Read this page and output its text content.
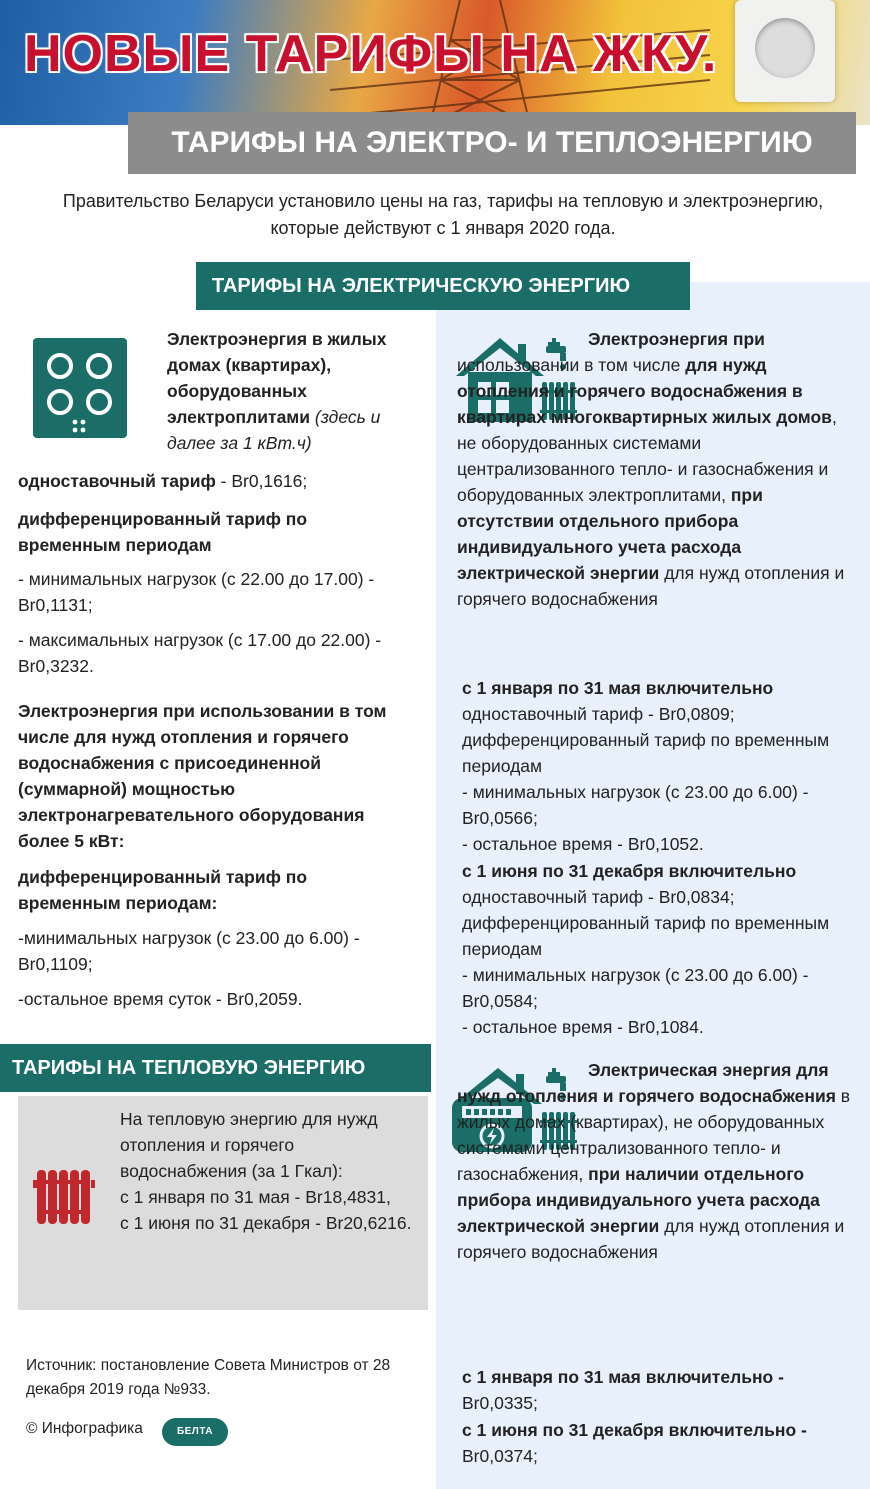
НОВЫЕ ТАРИФЫ НА ЖКУ.
ТАРИФЫ НА ЭЛЕКТРО- И ТЕПЛОЭНЕРГИЮ
Правительство Беларуси установило цены на газ, тарифы на тепловую и электроэнергию, которые действуют с 1 января 2020 года.
ТАРИФЫ НА ЭЛЕКТРИЧЕСКУЮ ЭНЕРГИЮ
Электроэнергия в жилых домах (квартирах), оборудованных электроплитами (здесь и далее за 1 кВт.ч)
одноставочный тариф - Br0,1616;
дифференцированный тариф по временным периодам
- минимальных нагрузок (с 22.00 до 17.00) - Br0,1131;
- максимальных нагрузок (с 17.00 до 22.00) - Br0,3232.
Электроэнергия при использовании в том числе для нужд отопления и горячего водоснабжения с присоединенной (суммарной) мощностью электронагревательного оборудования более 5 кВт:
дифференцированный тариф по временным периодам:
-минимальных нагрузок (с 23.00 до 6.00) - Br0,1109;
-остальное время суток - Br0,2059.
ТАРИФЫ НА ТЕПЛОВУЮ ЭНЕРГИЮ
На тепловую энергию для нужд отопления и горячего водоснабжения (за 1 Гкал):
с 1 января по 31 мая - Br18,4831,
с 1 июня по 31 декабря - Br20,6216.
Источник: постановление Совета Министров от 28 декабря 2019 года №933.
© Инфографика	БЕЛТА
Электроэнергия при использовании в том числе для нужд отопления и горячего водоснабжения в квартирах многоквартирных жилых домов, не оборудованных системами централизованного тепло- и газоснабжения и оборудованных электроплитами, при отсутствии отдельного прибора индивидуального учета расхода электрической энергии для нужд отопления и горячего водоснабжения
с 1 января по 31 мая включительно
одноставочный тариф - Br0,0809;
дифференцированный тариф по временным периодам
- минимальных нагрузок (с 23.00 до 6.00) - Br0,0566;
- остальное время - Br0,1052.
с 1 июня по 31 декабря включительно
одноставочный тариф - Br0,0834;
дифференцированный тариф по временным периодам
- минимальных нагрузок (с 23.00 до 6.00) - Br0,0584;
- остальное время - Br0,1084.
Электрическая энергия для нужд отопления и горячего водоснабжения в жилых домах (квартирах), не оборудованных системами централизованного тепло- и газоснабжения, при наличии отдельного прибора индивидуального учета расхода электрической энергии для нужд отопления и горячего водоснабжения
с 1 января по 31 мая включительно -
Br0,0335;
с 1 июня по 31 декабря включительно -
Br0,0374;
